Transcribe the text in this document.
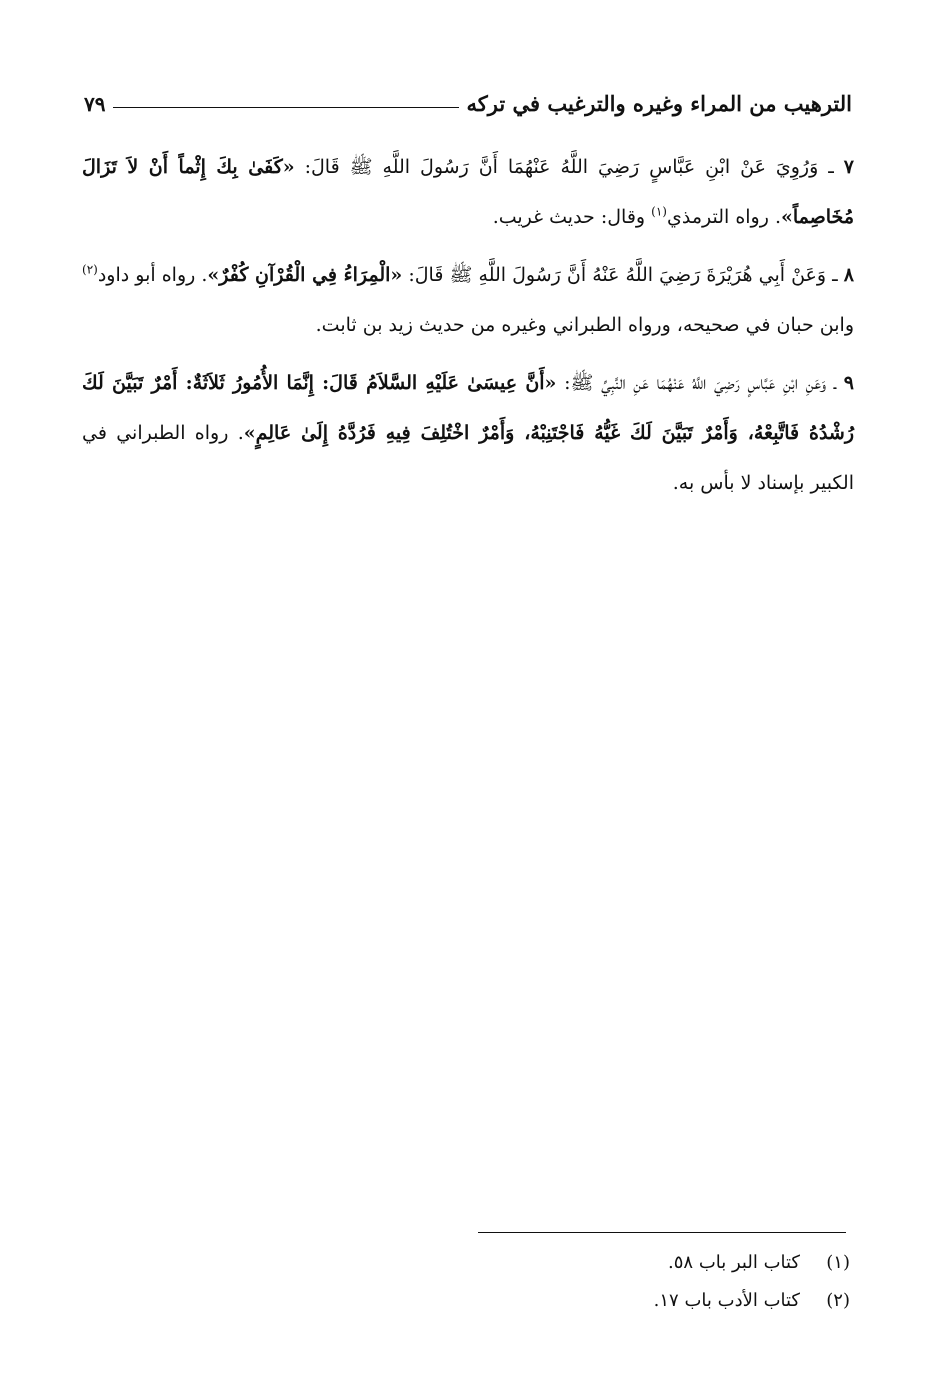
الترهيب من المراء وغيره والترغيب في تركه
٧٩

٧ ـ وَرُوِيَ عَنْ ابْنِ عَبَّاسٍ رَضِيَ اللَّهُ عَنْهُمَا أَنَّ رَسُولَ اللَّهِ ﷺ قَالَ: «كَفَىٰ بِكَ إِثْماً أَنْ لاَ تَزَالَ مُخَاصِماً». رواه الترمذي$^{(١)}$ وقال: حديث غريب.

٨ ـ وَعَنْ أَبِي هُرَيْرَةَ رَضِيَ اللَّهُ عَنْهُ أَنَّ رَسُولَ اللَّهِ ﷺ قَالَ: «الْمِرَاءُ فِي الْقُرْآنِ كُفْرٌ». رواه أبو داود$^{(٢)}$ وابن حبان في صحيحه، ورواه الطبراني وغيره من حديث زيد بن ثابت.

٩ ـ وَعَنِ ابْنِ عَبَّاسٍ رَضِيَ اللَّهُ عَنْهُمَا عَنِ النَّبِيِّ ﷺ: «أَنَّ عِيسَىٰ عَلَيْهِ السَّلاَمُ قَالَ: إِنَّمَا الأُمُورُ ثَلاَثَةٌ: أَمْرٌ تَبَيَّنَ لَكَ رُشْدُهُ فَاتَّبِعْهُ، وَأَمْرٌ تَبَيَّنَ لَكَ غَيُّهُ فَاجْتَنِبْهُ، وَأَمْرٌ اخْتُلِفَ فِيهِ فَرُدَّهُ إِلَىٰ عَالِمٍ». رواه الطبراني في الكبير بإسناد لا بأس به.

(١)
كتاب البر باب ٥٨.
(٢)
كتاب الأدب باب ١٧.
